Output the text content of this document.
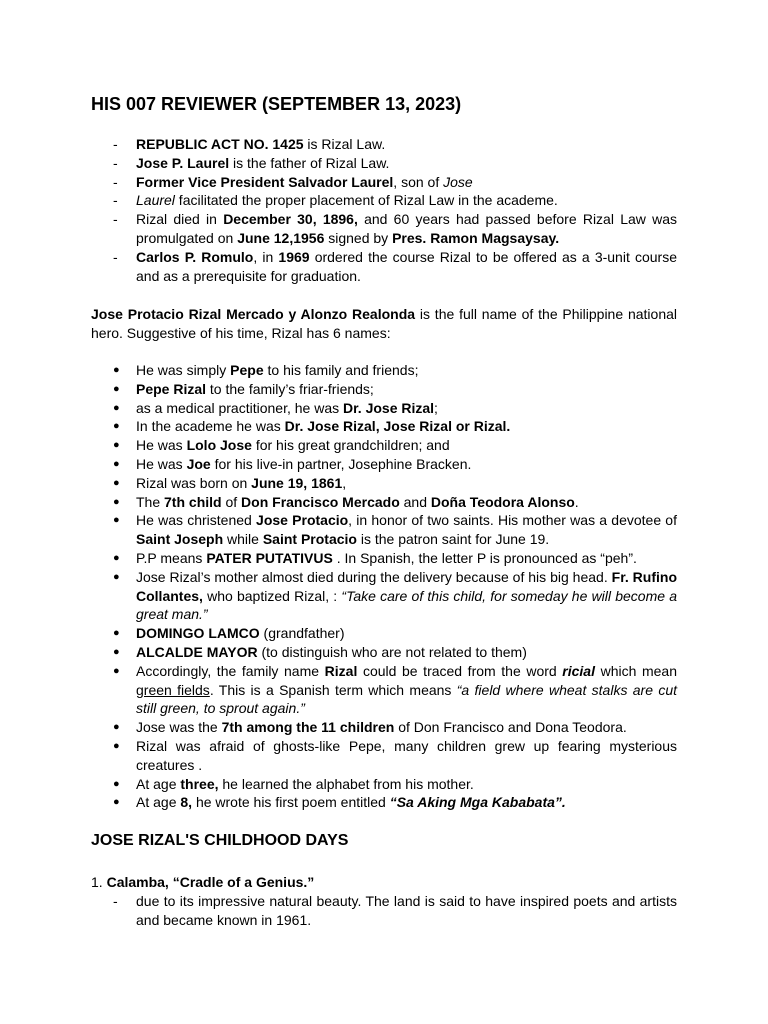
HIS 007 REVIEWER (SEPTEMBER 13, 2023)
- REPUBLIC ACT NO. 1425 is Rizal Law.
- Jose P. Laurel is the father of Rizal Law.
- Former Vice President Salvador Laurel, son of Jose
- Laurel facilitated the proper placement of Rizal Law in the academe.
- Rizal died in December 30, 1896, and 60 years had passed before Rizal Law was promulgated on June 12,1956 signed by Pres. Ramon Magsaysay.
- Carlos P. Romulo, in 1969 ordered the course Rizal to be offered as a 3-unit course and as a prerequisite for graduation.

Jose Protacio Rizal Mercado y Alonzo Realonda is the full name of the Philippine national hero. Suggestive of his time, Rizal has 6 names:

● He was simply Pepe to his family and friends;
● Pepe Rizal to the family’s friar-friends;
● as a medical practitioner, he was Dr. Jose Rizal;
● In the academe he was Dr. Jose Rizal, Jose Rizal or Rizal.
● He was Lolo Jose for his great grandchildren; and
● He was Joe for his live-in partner, Josephine Bracken.
● Rizal was born on June 19, 1861,
● The 7th child of Don Francisco Mercado and Doña Teodora Alonso.
● He was christened Jose Protacio, in honor of two saints. His mother was a devotee of Saint Joseph while Saint Protacio is the patron saint for June 19.
● P.P means PATER PUTATIVUS . In Spanish, the letter P is pronounced as “peh”.
● Jose Rizal’s mother almost died during the delivery because of his big head. Fr. Rufino Collantes, who baptized Rizal, : “Take care of this child, for someday he will become a great man.”
● DOMINGO LAMCO (grandfather)
● ALCALDE MAYOR (to distinguish who are not related to them)
● Accordingly, the family name Rizal could be traced from the word ricial which mean green fields. This is a Spanish term which means “a field where wheat stalks are cut still green, to sprout again.”
● Jose was the 7th among the 11 children of Don Francisco and Dona Teodora.
● Rizal was afraid of ghosts-like Pepe, many children grew up fearing mysterious creatures .
● At age three, he learned the alphabet from his mother.
● At age 8, he wrote his first poem entitled “Sa Aking Mga Kababata”.
JOSE RIZAL'S CHILDHOOD DAYS

1. Calamba, “Cradle of a Genius.”

- due to its impressive natural beauty. The land is said to have inspired poets and artists and became known in 1961.
